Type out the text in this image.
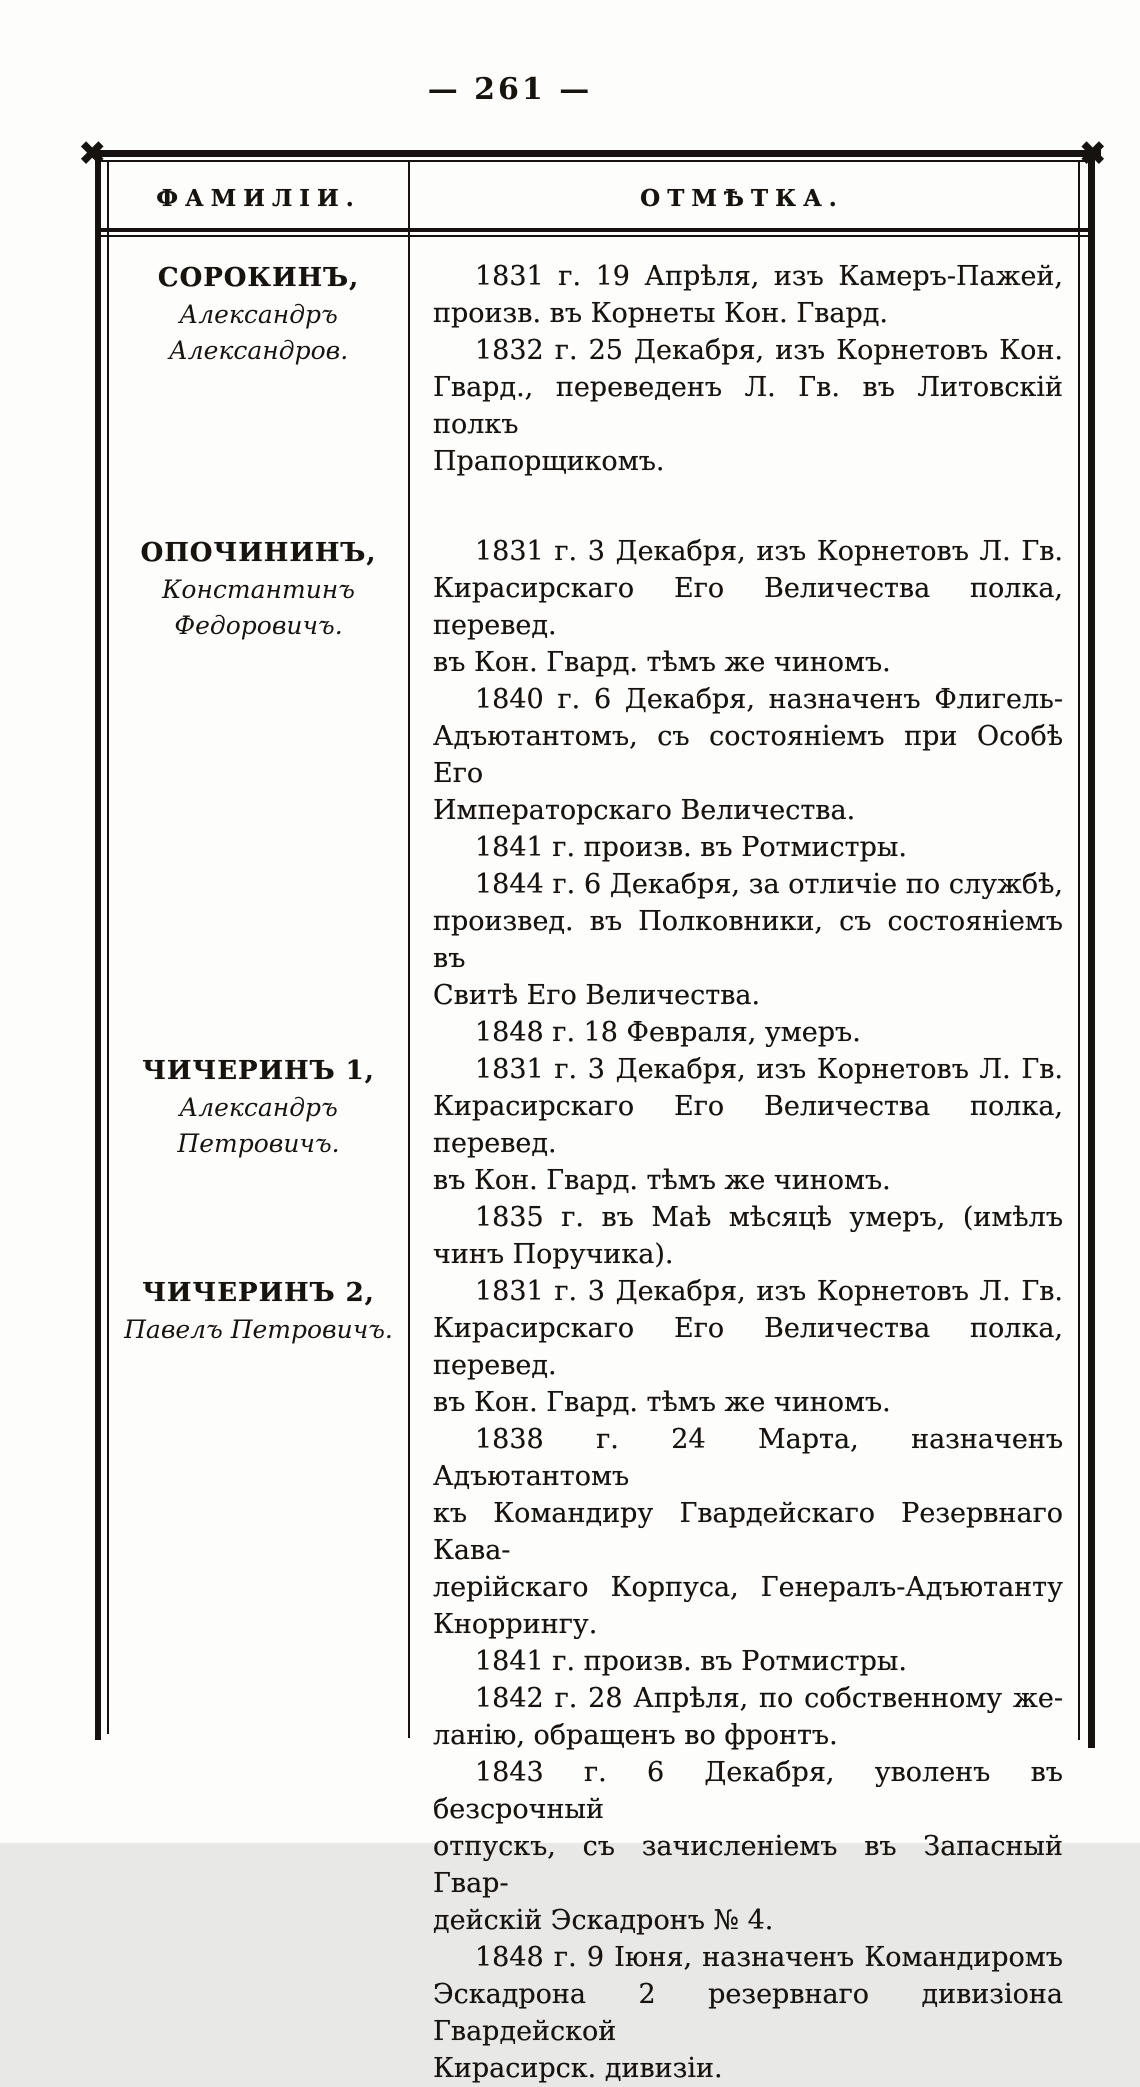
— 261 —
✖	✖
ФАМИЛІИ.	ОТМѢТКА.
СОРОКИНЪ,
Александръ Александров.
1831 г. 19 Апрѣля, изъ Камеръ-Пажей,
произв. въ Корнеты Кон. Гвард.
1832 г. 25 Декабря, изъ Корнетовъ Кон.
Гвард., переведенъ Л. Гв. въ Литовскій полкъ
Прапорщикомъ.
ОПОЧИНИНЪ,
Константинъ Федоровичъ.
1831 г. 3 Декабря, изъ Корнетовъ Л. Гв.
Кирасирскаго Его Величества полка, перевед.
въ Кон. Гвард. тѣмъ же чиномъ.
1840 г. 6 Декабря, назначенъ Флигель-
Адъютантомъ, съ состояніемъ при Особѣ Его
Императорскаго Величества.
1841 г. произв. въ Ротмистры.
1844 г. 6 Декабря, за отличіе по службѣ,
произвед. въ Полковники, съ состояніемъ въ
Свитѣ Его Величества.
1848 г. 18 Февраля, умеръ.
ЧИЧЕРИНЪ 1,
Александръ Петровичъ.
1831 г. 3 Декабря, изъ Корнетовъ Л. Гв.
Кирасирскаго Его Величества полка, перевед.
въ Кон. Гвард. тѣмъ же чиномъ.
1835 г. въ Маѣ мѣсяцѣ умеръ, (имѣлъ
чинъ Поручика).
ЧИЧЕРИНЪ 2,
Павелъ Петровичъ.
1831 г. 3 Декабря, изъ Корнетовъ Л. Гв.
Кирасирскаго Его Величества полка, перевед.
въ Кон. Гвард. тѣмъ же чиномъ.
1838 г. 24 Марта, назначенъ Адъютантомъ
къ Командиру Гвардейскаго Резервнаго Кава-
лерійскаго Корпуса, Генералъ-Адъютанту
Кноррингу.
1841 г. произв. въ Ротмистры.
1842 г. 28 Апрѣля, по собственному же-
ланію, обращенъ во фронтъ.
1843 г. 6 Декабря, уволенъ въ безсрочный
отпускъ, съ зачисленіемъ въ Запасный Гвар-
дейскій Эскадронъ № 4.
1848 г. 9 Іюня, назначенъ Командиромъ
Эскадрона 2 резервнаго дивизіона Гвардейской
Кирасирск. дивизіи.
